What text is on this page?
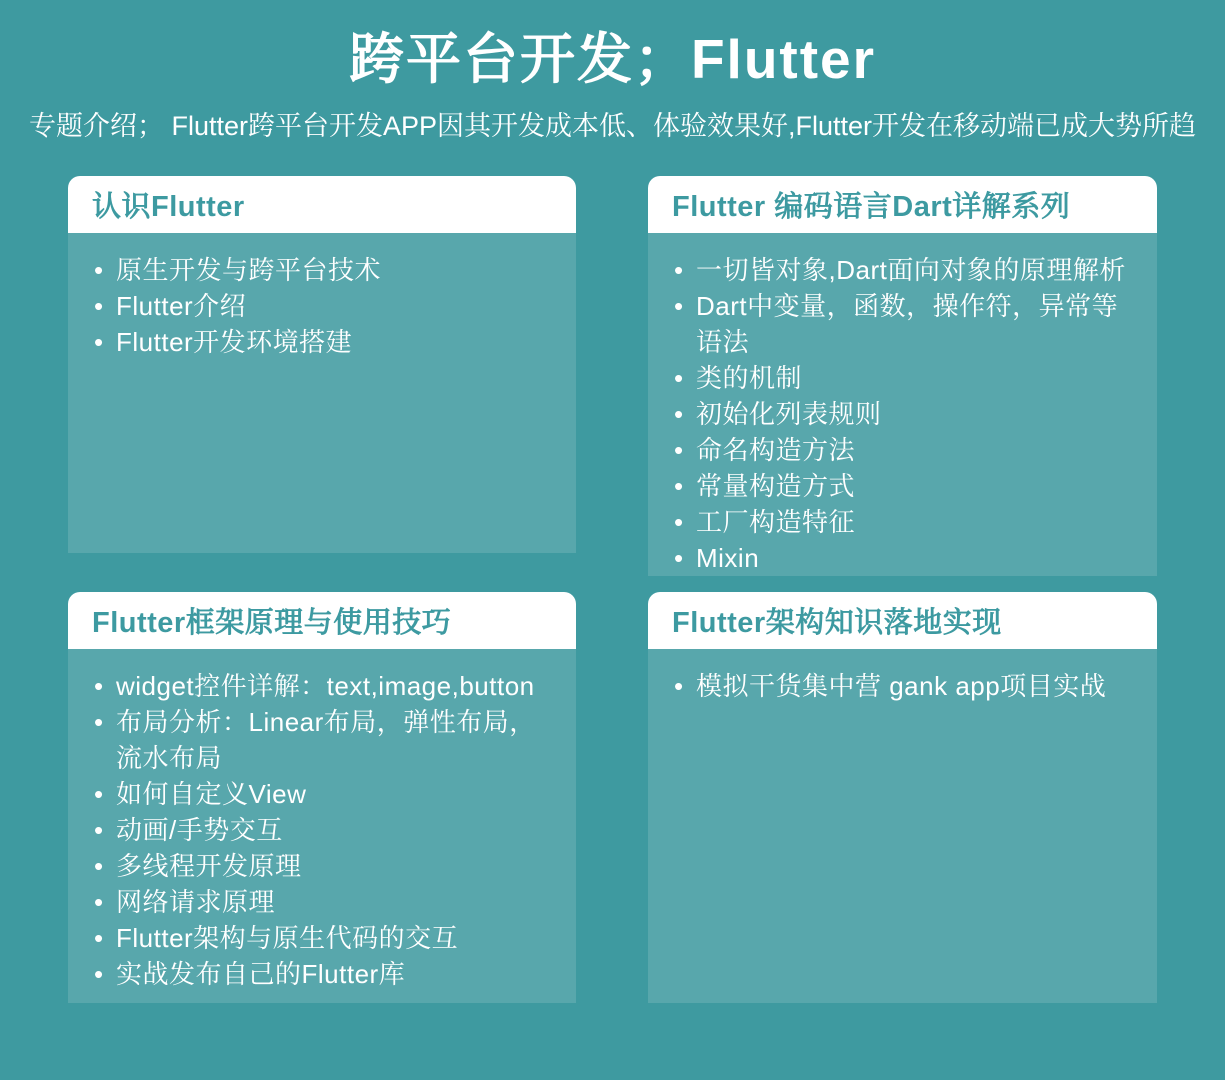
跨平台开发；Flutter

专题介绍； Flutter跨平台开发APP因其开发成本低、体验效果好,Flutter开发在移动端已成大势所趋

认识Flutter
• 原生开发与跨平台技术
• Flutter介绍
• Flutter开发环境搭建
Flutter 编码语言Dart详解系列
• 一切皆对象,Dart面向对象的原理解析
• Dart中变量，函数，操作符，异常等语法
• 类的机制
• 初始化列表规则
• 命名构造方法
• 常量构造方式
• 工厂构造特征
• Mixin
Flutter框架原理与使用技巧
• widget控件详解：text,image,button
• 布局分析：Linear布局，弹性布局，流水布局
• 如何自定义View
• 动画/手势交互
• 多线程开发原理
• 网络请求原理
• Flutter架构与原生代码的交互
• 实战发布自己的Flutter库
Flutter架构知识落地实现
• 模拟干货集中营 gank app项目实战
